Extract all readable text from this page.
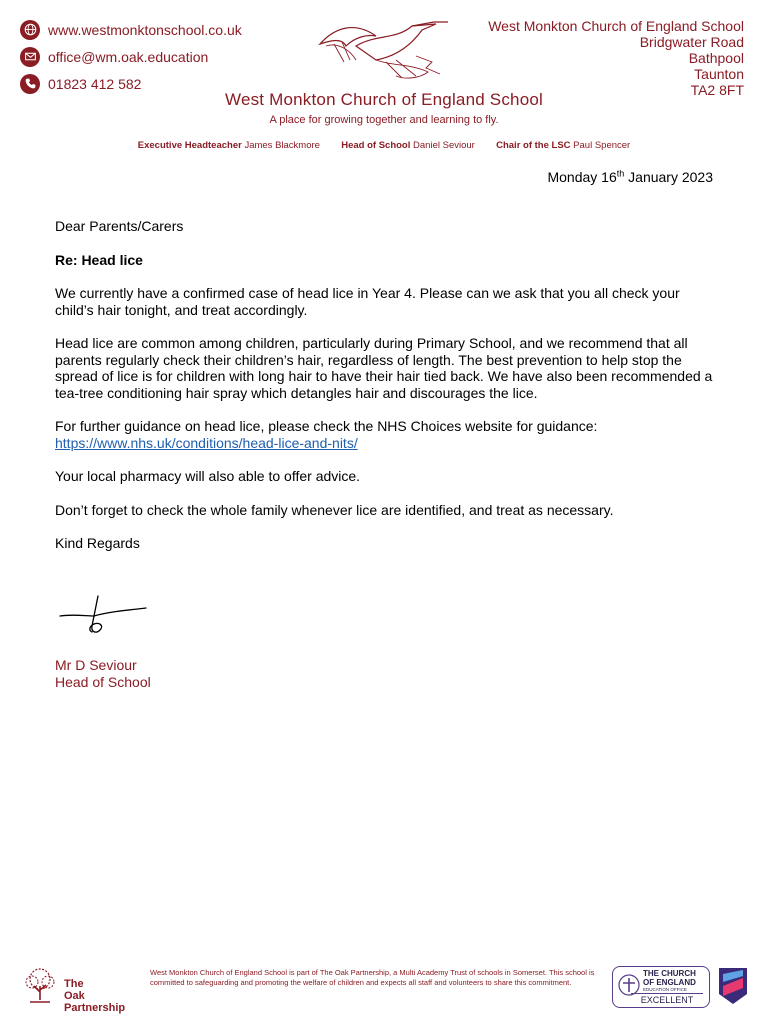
www.westmonktonschool.co.uk
office@wm.oak.education
01823 412 582
West Monkton Church of England School
Bridgwater Road
Bathpool
Taunton
TA2 8FT
West Monkton Church of England School
A place for growing together and learning to fly.
Executive Headteacher James Blackmore Head of School Daniel Seviour Chair of the LSC Paul Spencer
Monday 16th January 2023

Dear Parents/Carers

Re: Head lice

We currently have a confirmed case of head lice in Year 4. Please can we ask that you all check your child’s hair tonight, and treat accordingly.

Head lice are common among children, particularly during Primary School, and we recommend that all parents regularly check their children’s hair, regardless of length. The best prevention to help stop the spread of lice is for children with long hair to have their hair tied back. We have also been recommended a tea-tree conditioning hair spray which detangles hair and discourages the lice.

For further guidance on head lice, please check the NHS Choices website for guidance:
https://www.nhs.uk/conditions/head-lice-and-nits/

Your local pharmacy will also able to offer advice.

Don’t forget to check the whole family whenever lice are identified, and treat as necessary.

Kind Regards

Mr D Seviour
Head of School
The
Oak Partnership
West Monkton Church of England School is part of The Oak Partnership, a Multi Academy Trust of schools in Somerset. This school is committed to safeguarding and promoting the welfare of children and expects all staff and volunteers to share this commitment.
THE CHURCH
OF ENGLAND
EDUCATION OFFICE
EXCELLENT
